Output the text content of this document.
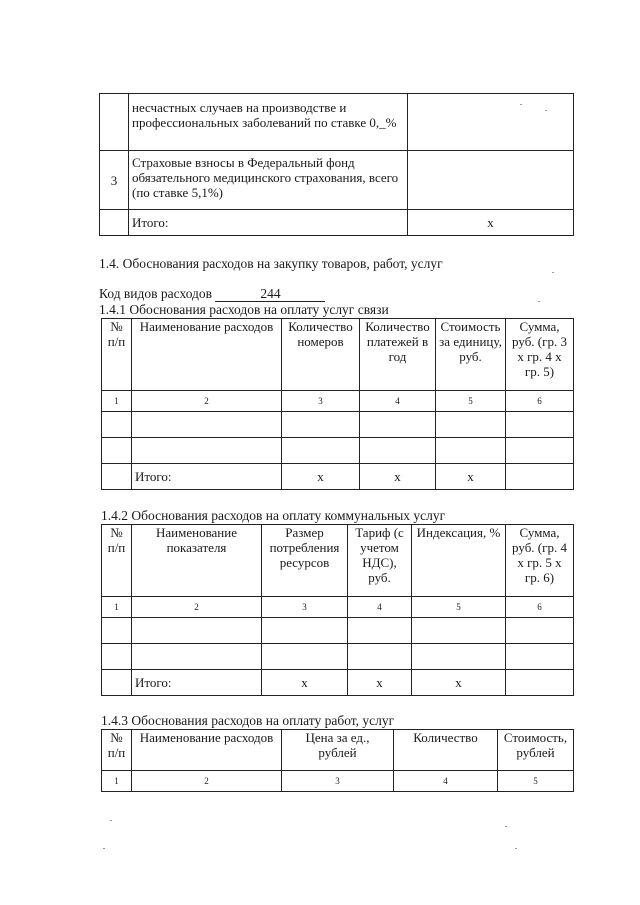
	несчастных случаев на производстве и профессиональных заболеваний по ставке 0,_%	
3	Страховые взносы в Федеральный фонд обязательного медицинского страхования, всего (по ставке 5,1%)	
	Итого:	x
1.4. Обоснования расходов на закупку товаров, работ, услуг
Код видов расходов	244
1.4.1 Обоснования расходов на оплату услуг связи
№ п/п	Наименование расходов	Количество номеров	Количество платежей в год	Стоимость за единицу, руб.	Сумма, руб. (гр. 3 х гр. 4 х гр. 5)
1	2	3	4	5	6

	Итого:	x	x	x	
1.4.2 Обоснования расходов на оплату коммунальных услуг
№ п/п	Наименование показателя	Размер потребления ресурсов	Тариф (с учетом НДС), руб.	Индексация, %	Сумма, руб. (гр. 4 х гр. 5 х гр. 6)
1	2	3	4	5	6

	Итого:	x	x	x	
1.4.3 Обоснования расходов на оплату работ, услуг
№ п/п	Наименование расходов	Цена за ед., рублей	Количество	Стоимость, рублей
1	2	3	4	5
